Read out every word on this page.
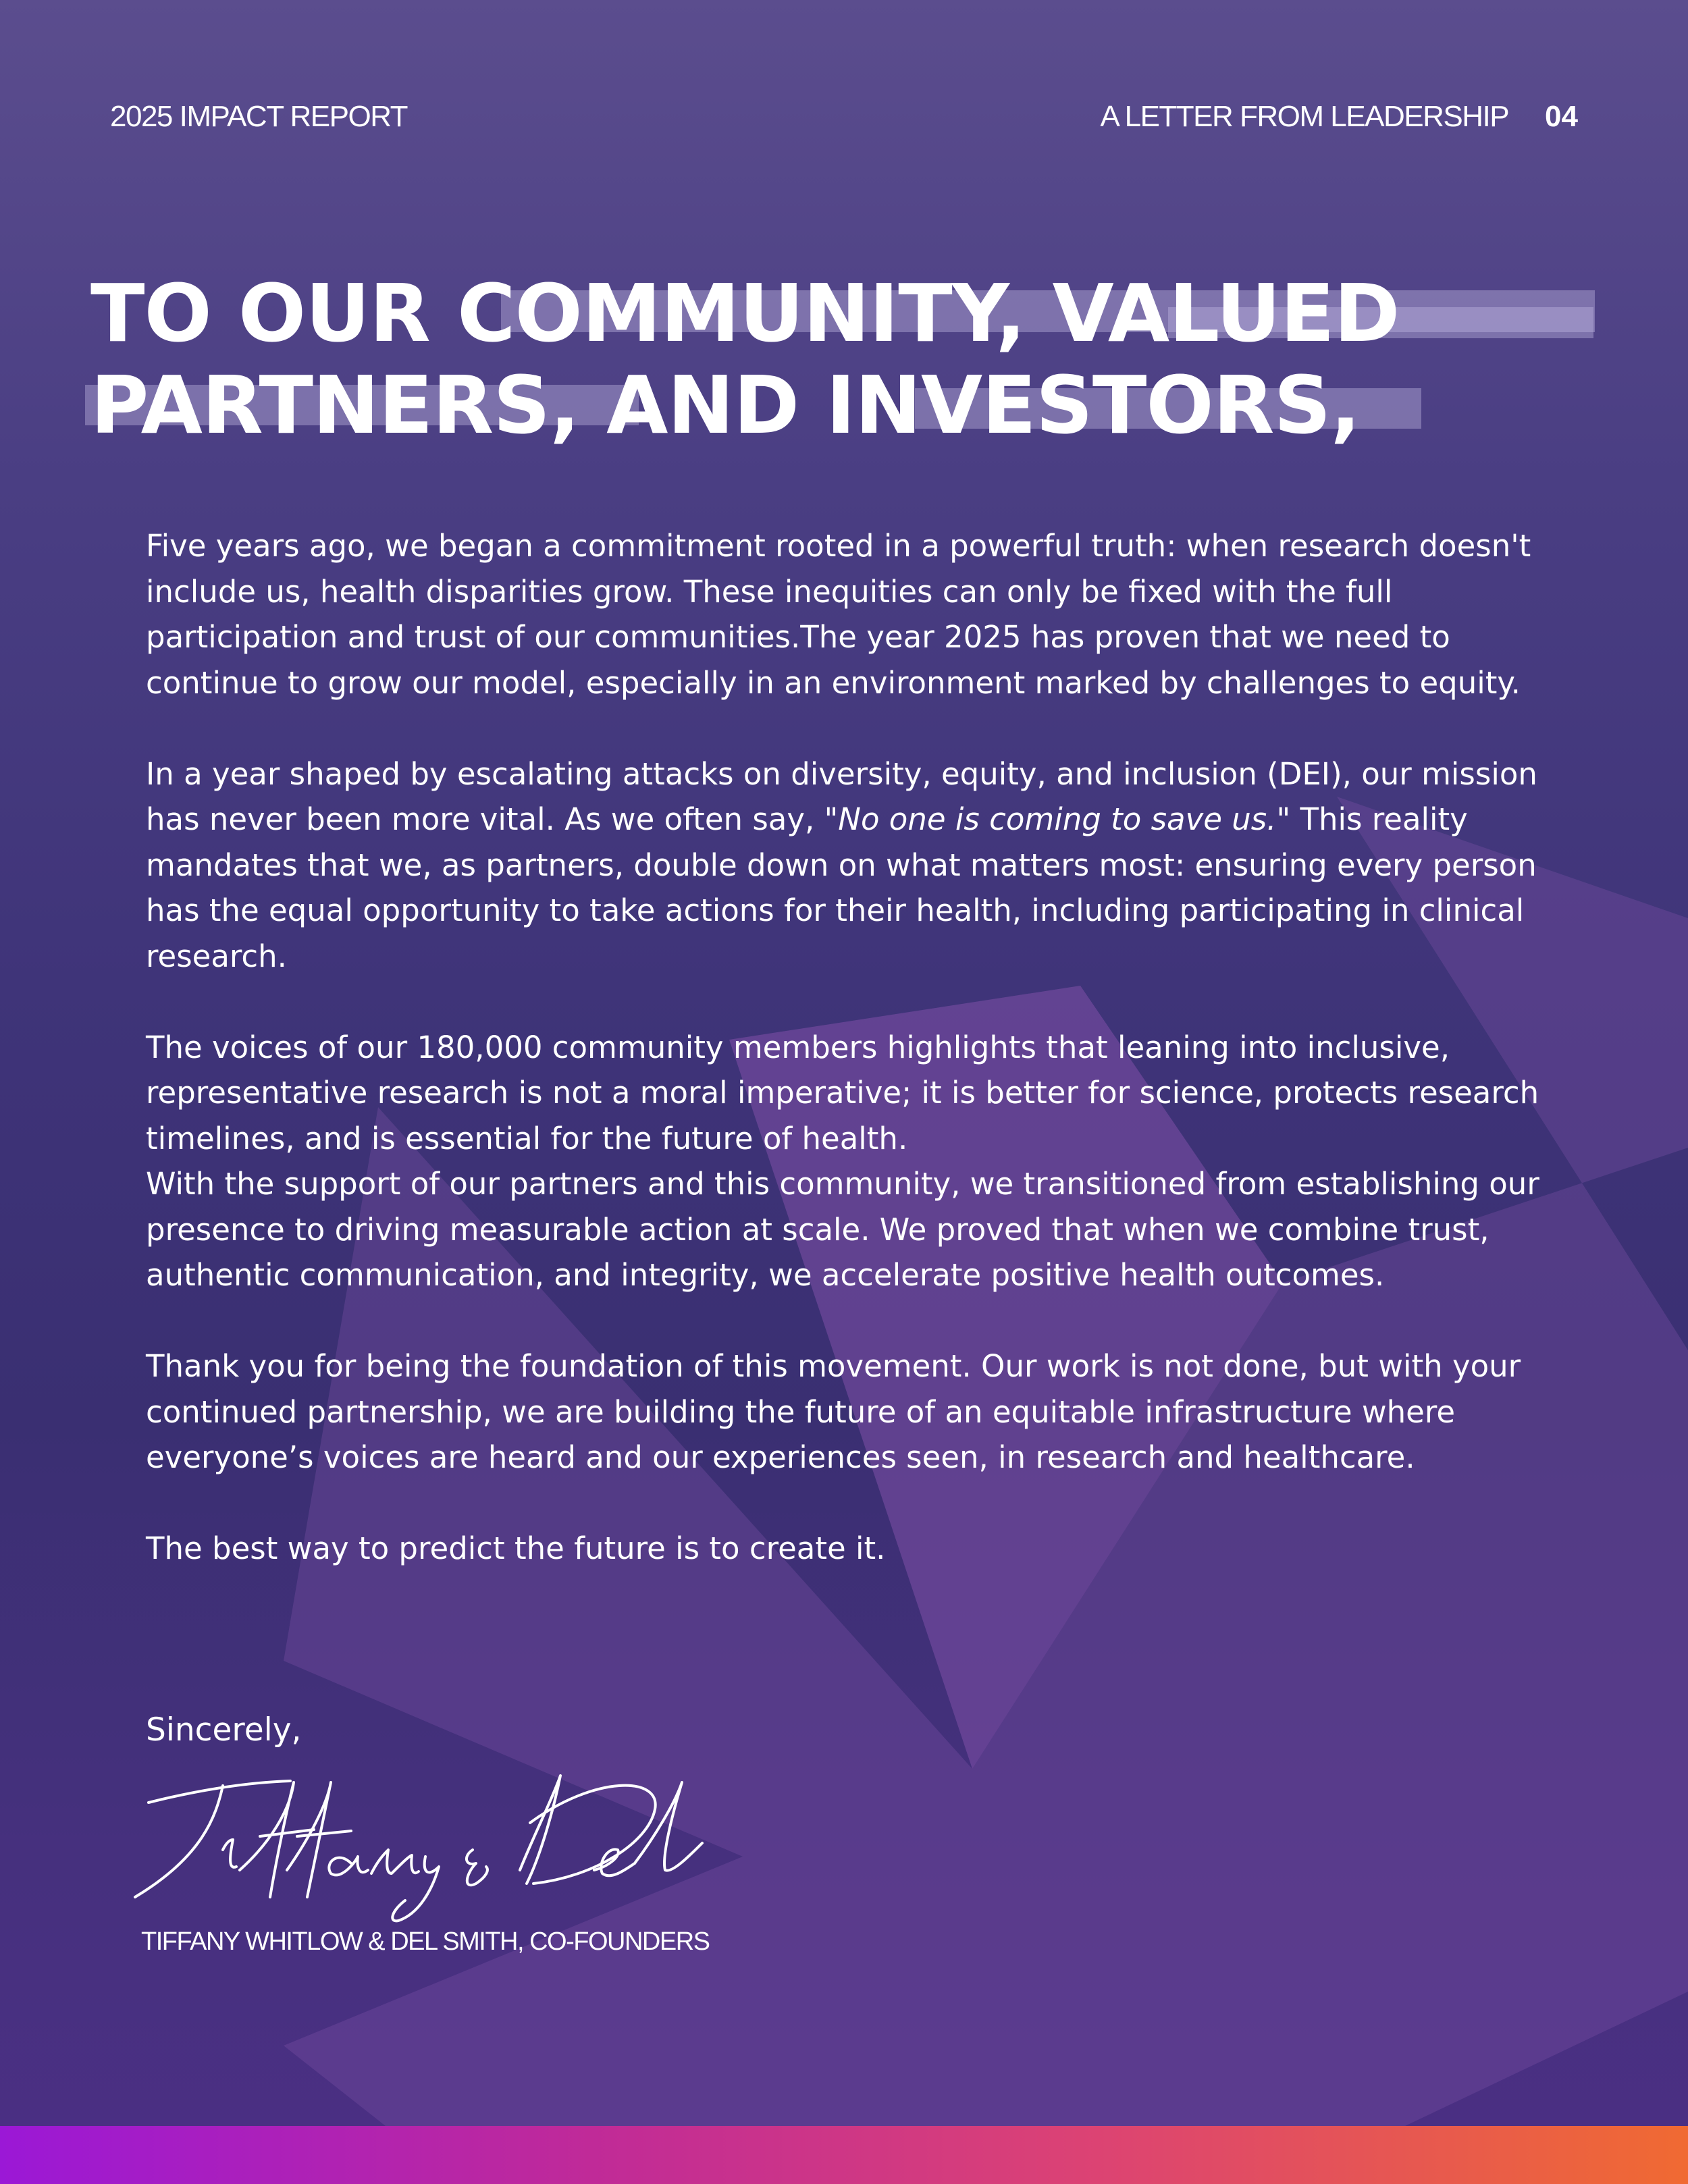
2025 IMPACT REPORT	A LETTER FROM LEADERSHIP 04
TO OUR COMMUNITY, VALUED
PARTNERS, AND INVESTORS,

Five years ago, we began a commitment rooted in a powerful truth: when research doesn't include us, health disparities grow. These inequities can only be fixed with the full participation and trust of our communities.The year 2025 has proven that we need to continue to grow our model, especially in an environment marked by challenges to equity.

In a year shaped by escalating attacks on diversity, equity, and inclusion (DEI), our mission has never been more vital. As we often say, "No one is coming to save us." This reality mandates that we, as partners, double down on what matters most: ensuring every person has the equal opportunity to take actions for their health, including participating in clinical research.

The voices of our 180,000 community members highlights that leaning into inclusive, representative research is not a moral imperative; it is better for science, protects research timelines, and is essential for the future of health.

With the support of our partners and this community, we transitioned from establishing our presence to driving measurable action at scale. We proved that when we combine trust, authentic communication, and integrity, we accelerate positive health outcomes.

Thank you for being the foundation of this movement. Our work is not done, but with your continued partnership, we are building the future of an equitable infrastructure where everyone’s voices are heard and our experiences seen, in research and healthcare.

The best way to predict the future is to create it.

Sincerely,
TIFFANY WHITLOW & DEL SMITH, CO-FOUNDERS
